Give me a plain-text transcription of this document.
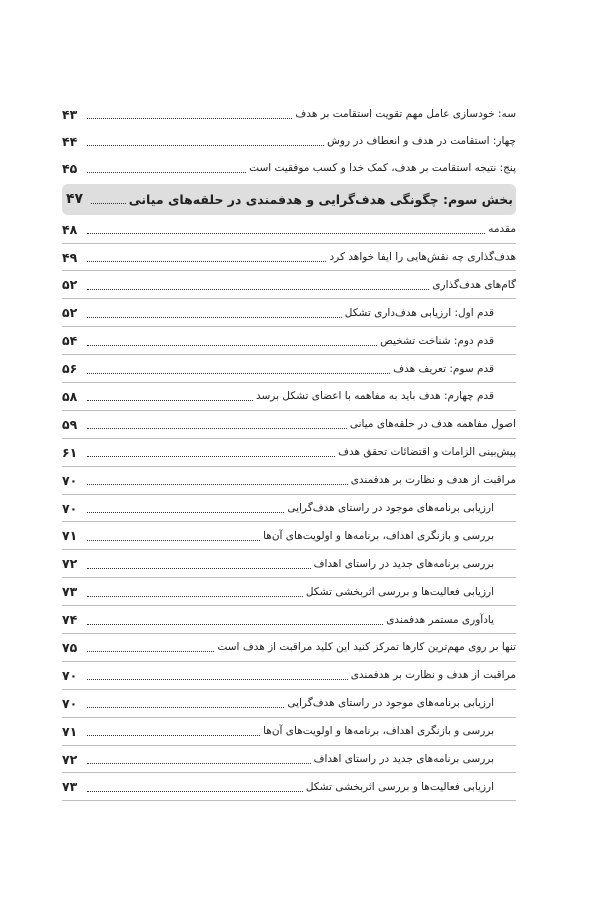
سه: خودسازی عامل مهم تقویت استقامت بر هدف
۴۳
چهار: استقامت در هدف و انعطاف در روش
۴۴
پنج: نتیجه استقامت بر هدف، کمک خدا و کسب موفقیت است
۴۵
بخش سوم: چگونگی هدف‌گرایی و هدفمندی در حلقه‌های میانی
۴۷
مقدمه
۴۸
هدف‌گذاری چه نقش‌هایی را ایفا خواهد کرد
۴۹
گام‌های هدف‌گذاری
۵۲
قدم اول: ارزیابی هدف‌داری تشکل
۵۲
قدم دوم: شناخت تشخیص
۵۴
قدم سوم: تعریف هدف
۵۶
قدم چهارم: هدف باید به مفاهمه با اعضای تشکل برسد
۵۸
اصول مفاهمه هدف در حلقه‌های میانی
۵۹
پیش‌بینی الزامات و اقتضائات تحقق هدف
۶۱
مراقبت از هدف و نظارت بر هدفمندی
۷۰
ارزیابی برنامه‌های موجود در راستای هدف‌گرایی
۷۰
بررسی و بازنگری اهداف، برنامه‌ها و اولویت‌های آن‌ها
۷۱
بررسی برنامه‌های جدید در راستای اهداف
۷۲
ارزیابی فعالیت‌ها و بررسی اثربخشی تشکل
۷۳
یادآوری مستمر هدفمندی
۷۴
تنها بر روی مهم‌ترین کارها تمرکز کنید این کلید مراقبت از هدف است
۷۵
مراقبت از هدف و نظارت بر هدفمندی
۷۰
ارزیابی برنامه‌های موجود در راستای هدف‌گرایی
۷۰
بررسی و بازنگری اهداف، برنامه‌ها و اولویت‌های آن‌ها
۷۱
بررسی برنامه‌های جدید در راستای اهداف
۷۲
ارزیابی فعالیت‌ها و بررسی اثربخشی تشکل
۷۳
